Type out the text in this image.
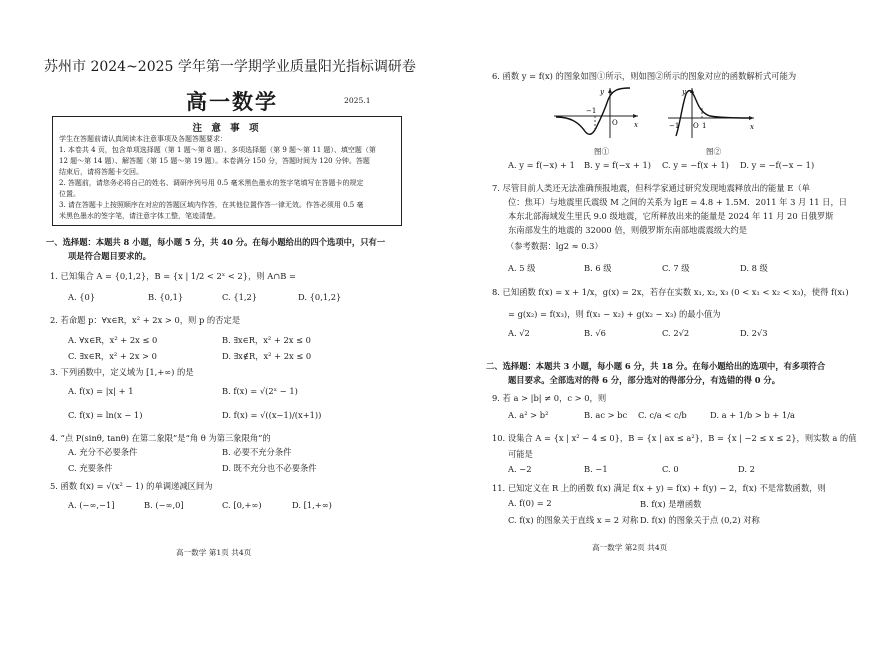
苏州市 2024~2025 学年第一学期学业质量阳光指标调研卷
高一数学	2025.1
注 意 事 项
学生在答题前请认真阅读本注意事项及各题答题要求：
1. 本卷共 4 页，包含单项选择题（第 1 题～第 8 题）、多项选择题（第 9 题～第 11 题）、填空题（第
12 题～第 14 题）、解答题（第 15 题～第 19 题）。本卷满分 150 分，答题时间为 120 分钟。答题
结束后，请将答题卡交回。
2. 答题前，请您务必将自己的姓名、调研序列号用 0.5 毫米黑色墨水的签字笔填写在答题卡的规定
位置。
3. 请在答题卡上按照顺序在对应的答题区域内作答，在其他位置作答一律无效。作答必须用 0.5 毫
米黑色墨水的签字笔，请注意字体工整，笔迹清楚。
一、选择题：本题共 8 小题，每小题 5 分，共 40 分。在每小题给出的四个选项中，只有一
项是符合题目要求的。
1. 已知集合 A = {0,1,2}，B = {x | 1/2 < 2ˣ < 2}，则 A∩B =
A. {0}	B. {0,1}	C. {1,2}	D. {0,1,2}
2. 若命题 p：∀x∈R，x² + 2x > 0，则 p 的否定是
A. ∀x∈R，x² + 2x ≤ 0	B. ∃x∈R，x² + 2x ≤ 0
C. ∃x∈R，x² + 2x > 0	D. ∃x∉R，x² + 2x ≤ 0
3. 下列函数中，定义域为 [1,+∞) 的是
A. f(x) = |x| + 1	B. f(x) = √(2ˣ − 1)
C. f(x) = ln(x − 1)	D. f(x) = √((x−1)/(x+1))
4. “点 P(sinθ, tanθ) 在第二象限”是“角 θ 为第三象限角”的
A. 充分不必要条件	B. 必要不充分条件
C. 充要条件	D. 既不充分也不必要条件
5. 函数 f(x) = √(x² − 1) 的单调递减区间为
A. (−∞,−1]	B. (−∞,0]	C. [0,+∞)	D. [1,+∞)
高一数学 第1页 共4页
6. 函数 y = f(x) 的图象如图①所示，则如图②所示的图象对应的函数解析式可能为
y
x
−1
O
图①
y
x
−1 O 1
图②
A. y = f(−x) + 1 B. y = f(−x + 1) C. y = −f(x + 1) D. y = −f(−x − 1)
7. 尽管目前人类还无法准确预报地震，但科学家通过研究发现地震释放出的能量 E（单
位：焦耳）与地震里氏震级 M 之间的关系为 lgE = 4.8 + 1.5M．2011 年 3 月 11 日，日
本东北部海域发生里氏 9.0 级地震，它所释放出来的能量是 2024 年 11 月 20 日俄罗斯
东南部发生的地震的 32000 倍，则俄罗斯东南部地震震级大约是
（参考数据：lg2 ≈ 0.3）
A. 5 级	B. 6 级	C. 7 级	D. 8 级
8. 已知函数 f(x) = x + 1/x，g(x) = 2x，若存在实数 x₁, x₂, x₃ (0 < x₁ < x₂ < x₃)，使得 f(x₁)
= g(x₂) = f(x₃)，则 f(x₁ − x₂) + g(x₂ − x₃) 的最小值为
A. √2	B. √6	C. 2√2	D. 2√3
二、选择题：本题共 3 小题，每小题 6 分，共 18 分。在每小题给出的选项中，有多项符合
题目要求。全部选对的得 6 分，部分选对的得部分分，有选错的得 0 分。
9. 若 a > |b| ≠ 0，c > 0，则
A. a² > b²	B. ac > bc C. c/a < c/b	D. a + 1/b > b + 1/a
10. 设集合 A = {x | x² − 4 ≤ 0}，B = {x | ax ≤ a²}，B = {x | −2 ≤ x ≤ 2}，则实数 a 的值
可能是
A. −2	B. −1	C. 0	D. 2
11. 已知定义在 R 上的函数 f(x) 满足 f(x + y) = f(x) + f(y) − 2，f(x) 不是常数函数，则
A. f(0) = 2	B. f(x) 是增函数
C. f(x) 的图象关于直线 x = 2 对称 D. f(x) 的图象关于点 (0,2) 对称
高一数学 第2页 共4页
